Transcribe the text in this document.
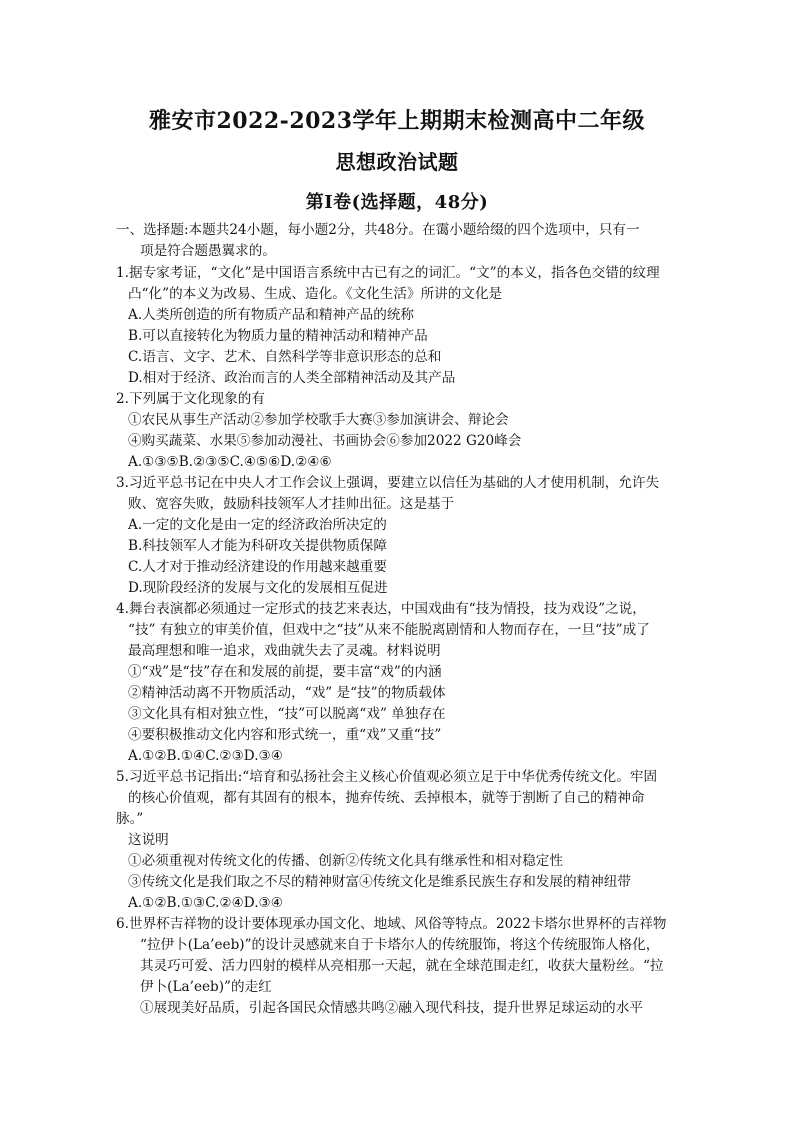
雅安市2022-2023学年上期期末检测高中二年级
思想政治试题
第Ⅰ卷(选择题，48分)
一、选择题:本题共24小题，每小题2分，共48分。在霭小题给缀的四个选项中，只有一
项是符合题愚翼求的。
1.据专家考证，“文化”是中国语言系统中古已有之的词汇。“文”的本义，指各色交错的纹理
凸“化”的本义为改易、生成、造化。《文化生活》所讲的文化是
A.人类所创造的所有物质产品和精神产品的统称
B.可以直接转化为物质力量的精神活动和精神产品
C.语言、文字、艺术、自然科学等非意识形态的总和
D.相对于经济、政治而言的人类全部精神活动及其产品
2.下列属于文化现象的有
①农民从事生产活动②参加学校歌手大赛③参加演讲会、辩论会
④购买蔬菜、水果⑤参加动漫社、书画协会⑥参加2022 G20峰会
A.①③⑤B.②③⑤C.④⑤⑥D.②④⑥
3.习近平总书记在中央人才工作会议上强调，要建立以信任为基础的人才使用机制，允许失
败、宽容失败，鼓励科技领军人才挂帅出征。这是基于
A.一定的文化是由一定的经济政治所决定的
B.科技领军人才能为科研攻关提供物质保障
C.人才对于推动经济建设的作用越来越重要
D.现阶段经济的发展与文化的发展相互促进
4.舞台表演都必须通过一定形式的技艺来表达，中国戏曲有“技为情投，技为戏设”之说，
“技” 有独立的审美价值，但戏中之“技”从来不能脱离剧情和人物而存在，一旦“技”成了
最高理想和唯一追求，戏曲就失去了灵魂。材料说明
①“戏”是“技”存在和发展的前提，要丰富“戏”的内涵
②精神活动离不开物质活动，“戏” 是“技”的物质载体
③文化具有相对独立性，“技”可以脱离“戏” 单独存在
④要积极推动文化内容和形式统一，重“戏”又重“技”
A.①②B.①④C.②③D.③④
5.习近平总书记指出:“培育和弘扬社会主义核心价值观必须立足于中华优秀传统文化。牢固
的核心价值观，都有其固有的根本，抛弃传统、丢掉根本，就等于割断了自己的精神命
脉。”
这说明
①必须重视对传统文化的传播、创新②传统文化具有继承性和相对稳定性
③传统文化是我们取之不尽的精神财富④传统文化是维系民族生存和发展的精神纽带
A.①②B.①③C.②④D.③④
6.世界杯吉祥物的设计要体现承办国文化、地域、风俗等特点。2022卡塔尔世界杯的吉祥物
“拉伊卜(La’eeb)”的设计灵感就来自于卡塔尔人的传统服饰，将这个传统服饰人格化，
其灵巧可爱、活力四射的模样从亮相那一天起，就在全球范围走红，收获大量粉丝。“拉
伊卜(La’eeb)”的走红
①展现美好品质，引起各国民众情感共鸣②融入现代科技，提升世界足球运动的水平
